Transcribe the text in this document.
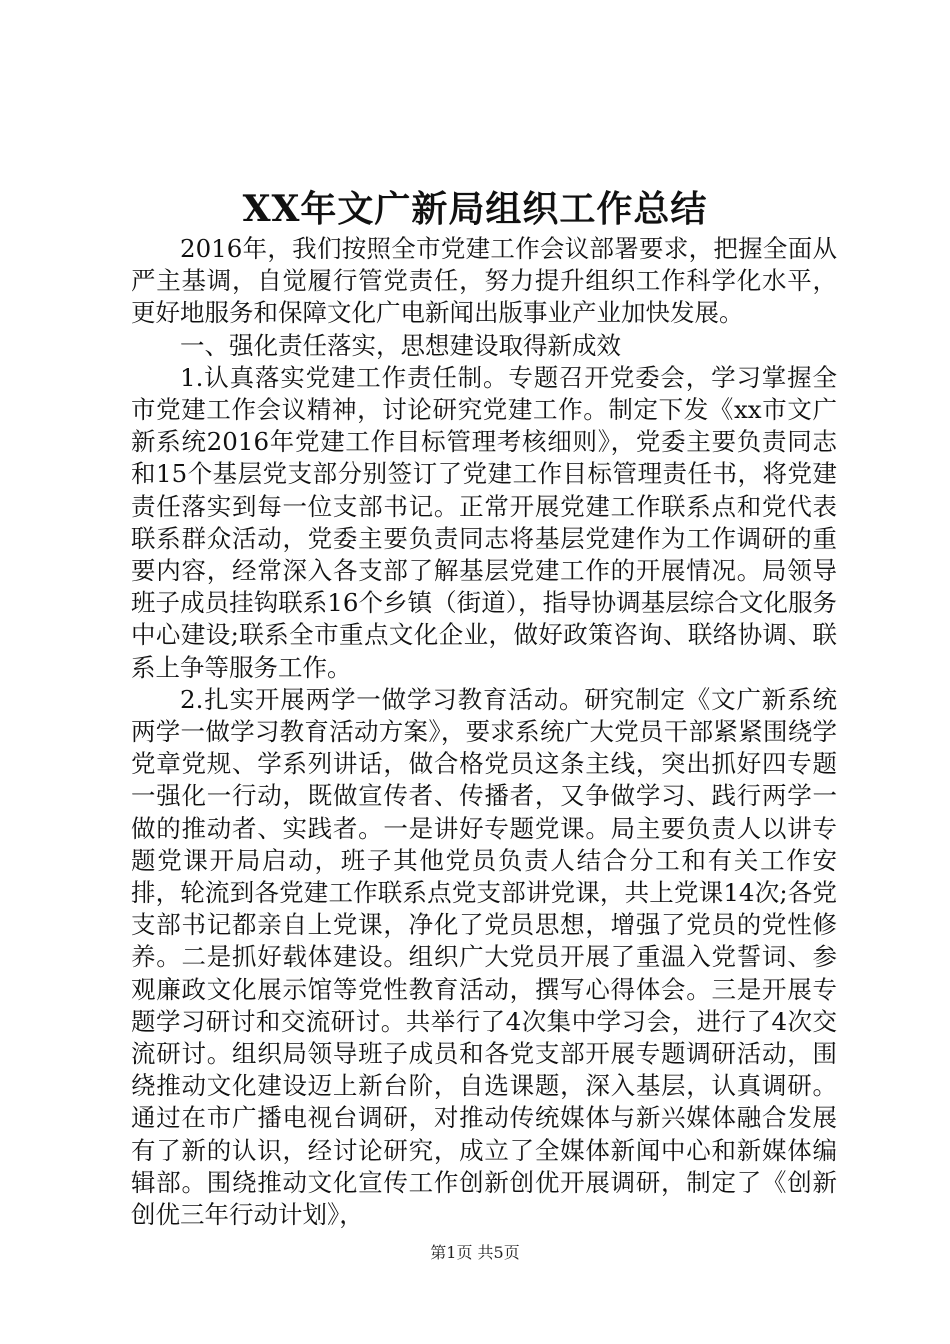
XX年文广新局组织工作总结

2016年，我们按照全市党建工作会议部署要求，把握全面从严主基调，自觉履行管党责任，努力提升组织工作科学化水平，更好地服务和保障文化广电新闻出版事业产业加快发展。

一、强化责任落实，思想建设取得新成效

1.认真落实党建工作责任制。专题召开党委会，学习掌握全市党建工作会议精神，讨论研究党建工作。制定下发《xx市文广新系统2016年党建工作目标管理考核细则》，党委主要负责同志和15个基层党支部分别签订了党建工作目标管理责任书，将党建责任落实到每一位支部书记。正常开展党建工作联系点和党代表联系群众活动，党委主要负责同志将基层党建作为工作调研的重要内容，经常深入各支部了解基层党建工作的开展情况。局领导班子成员挂钩联系16个乡镇（街道），指导协调基层综合文化服务中心建设;联系全市重点文化企业，做好政策咨询、联络协调、联系上争等服务工作。

2.扎实开展两学一做学习教育活动。研究制定《文广新系统两学一做学习教育活动方案》，要求系统广大党员干部紧紧围绕学党章党规、学系列讲话，做合格党员这条主线，突出抓好四专题一强化一行动，既做宣传者、传播者，又争做学习、践行两学一做的推动者、实践者。一是讲好专题党课。局主要负责人以讲专题党课开局启动，班子其他党员负责人结合分工和有关工作安排，轮流到各党建工作联系点党支部讲党课，共上党课14次;各党支部书记都亲自上党课，净化了党员思想，增强了党员的党性修养。二是抓好载体建设。组织广大党员开展了重温入党誓词、参观廉政文化展示馆等党性教育活动，撰写心得体会。三是开展专题学习研讨和交流研讨。共举行了4次集中学习会，进行了4次交流研讨。组织局领导班子成员和各党支部开展专题调研活动，围绕推动文化建设迈上新台阶，自选课题，深入基层，认真调研。通过在市广播电视台调研，对推动传统媒体与新兴媒体融合发展有了新的认识，经讨论研究，成立了全媒体新闻中心和新媒体编辑部。围绕推动文化宣传工作创新创优开展调研，制定了《创新创优三年行动计划》，

第1页 共5页
